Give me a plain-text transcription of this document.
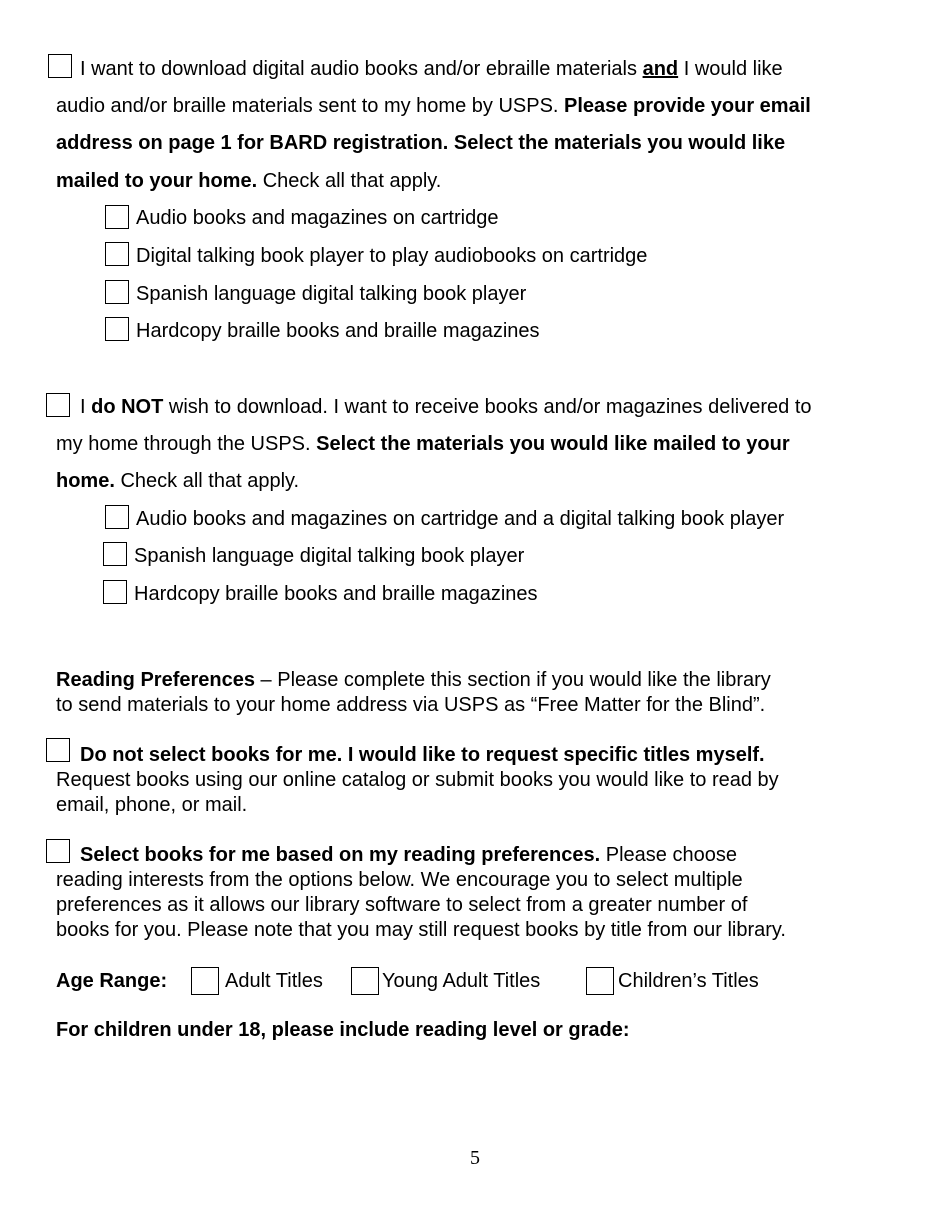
I want to download digital audio books and/or ebraille materials and I would like
audio and/or braille materials sent to my home by USPS. Please provide your email
address on page 1 for BARD registration. Select the materials you would like
mailed to your home. Check all that apply.
Audio books and magazines on cartridge
Digital talking book player to play audiobooks on cartridge
Spanish language digital talking book player
Hardcopy braille books and braille magazines
I do NOT wish to download. I want to receive books and/or magazines delivered to
my home through the USPS. Select the materials you would like mailed to your
home. Check all that apply.
Audio books and magazines on cartridge and a digital talking book player
Spanish language digital talking book player
Hardcopy braille books and braille magazines
Reading Preferences – Please complete this section if you would like the library
to send materials to your home address via USPS as “Free Matter for the Blind”.
Do not select books for me. I would like to request specific titles myself.
Request books using our online catalog or submit books you would like to read by
email, phone, or mail.
Select books for me based on my reading preferences. Please choose
reading interests from the options below. We encourage you to select multiple
preferences as it allows our library software to select from a greater number of
books for you. Please note that you may still request books by title from our library.
Age Range:	Adult Titles	Young Adult Titles	Children’s Titles
For children under 18, please include reading level or grade:
5
